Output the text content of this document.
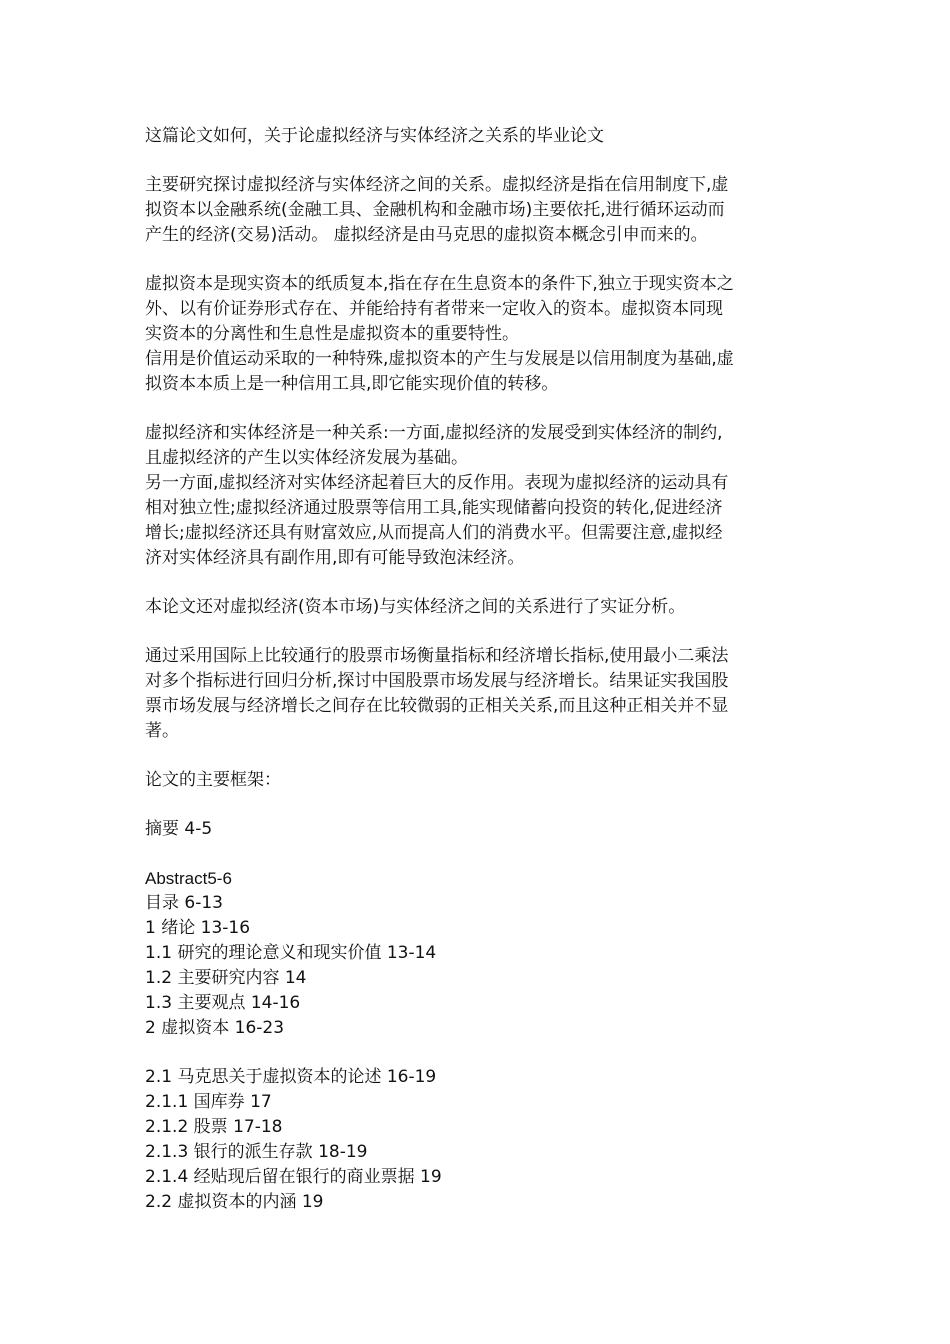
这篇论文如何，关于论虚拟经济与实体经济之关系的毕业论文
主要研究探讨虚拟经济与实体经济之间的关系。虚拟经济是指在信用制度下,虚
拟资本以金融系统(金融工具、金融机构和金融市场)主要依托,进行循环运动而
产生的经济(交易)活动。 虚拟经济是由马克思的虚拟资本概念引申而来的。
虚拟资本是现实资本的纸质复本,指在存在生息资本的条件下,独立于现实资本之
外、以有价证券形式存在、并能给持有者带来一定收入的资本。虚拟资本同现
实资本的分离性和生息性是虚拟资本的重要特性。
信用是价值运动采取的一种特殊,虚拟资本的产生与发展是以信用制度为基础,虚
拟资本本质上是一种信用工具,即它能实现价值的转移。
虚拟经济和实体经济是一种关系:一方面,虚拟经济的发展受到实体经济的制约,
且虚拟经济的产生以实体经济发展为基础。
另一方面,虚拟经济对实体经济起着巨大的反作用。表现为虚拟经济的运动具有
相对独立性;虚拟经济通过股票等信用工具,能实现储蓄向投资的转化,促进经济
增长;虚拟经济还具有财富效应,从而提高人们的消费水平。但需要注意,虚拟经
济对实体经济具有副作用,即有可能导致泡沫经济。
本论文还对虚拟经济(资本市场)与实体经济之间的关系进行了实证分析。
通过采用国际上比较通行的股票市场衡量指标和经济增长指标,使用最小二乘法
对多个指标进行回归分析,探讨中国股票市场发展与经济增长。结果证实我国股
票市场发展与经济增长之间存在比较微弱的正相关关系,而且这种正相关并不显
著。
论文的主要框架：
摘要 4-5
Abstract5-6
目录 6-13
1 绪论 13-16
1.1 研究的理论意义和现实价值 13-14
1.2 主要研究内容 14
1.3 主要观点 14-16
2 虚拟资本 16-23
2.1 马克思关于虚拟资本的论述 16-19
2.1.1 国库券 17
2.1.2 股票 17-18
2.1.3 银行的派生存款 18-19
2.1.4 经贴现后留在银行的商业票据 19
2.2 虚拟资本的内涵 19
